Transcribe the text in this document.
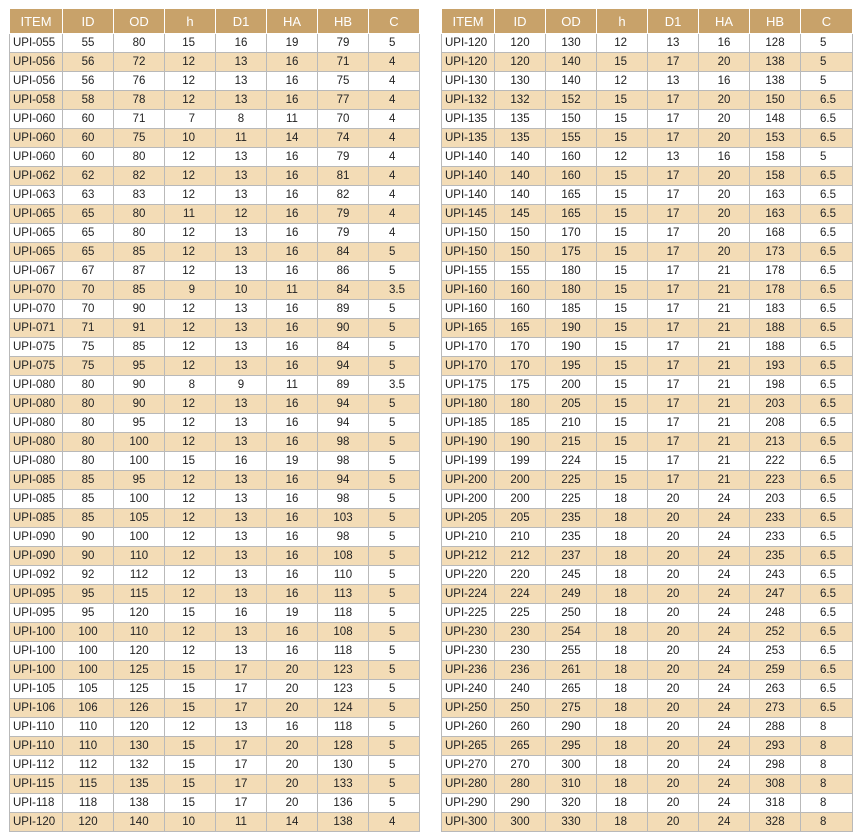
ITEM	ID	OD	h	D1	HA	HB	C
UPI-055	55	80	15	16	19	79	5
UPI-056	56	72	12	13	16	71	4
UPI-056	56	76	12	13	16	75	4
UPI-058	58	78	12	13	16	77	4
UPI-060	60	71	7	8	11	70	4
UPI-060	60	75	10	11	14	74	4
UPI-060	60	80	12	13	16	79	4
UPI-062	62	82	12	13	16	81	4
UPI-063	63	83	12	13	16	82	4
UPI-065	65	80	11	12	16	79	4
UPI-065	65	80	12	13	16	79	4
UPI-065	65	85	12	13	16	84	5
UPI-067	67	87	12	13	16	86	5
UPI-070	70	85	9	10	11	84	3.5
UPI-070	70	90	12	13	16	89	5
UPI-071	71	91	12	13	16	90	5
UPI-075	75	85	12	13	16	84	5
UPI-075	75	95	12	13	16	94	5
UPI-080	80	90	8	9	11	89	3.5
UPI-080	80	90	12	13	16	94	5
UPI-080	80	95	12	13	16	94	5
UPI-080	80	100	12	13	16	98	5
UPI-080	80	100	15	16	19	98	5
UPI-085	85	95	12	13	16	94	5
UPI-085	85	100	12	13	16	98	5
UPI-085	85	105	12	13	16	103	5
UPI-090	90	100	12	13	16	98	5
UPI-090	90	110	12	13	16	108	5
UPI-092	92	112	12	13	16	110	5
UPI-095	95	115	12	13	16	113	5
UPI-095	95	120	15	16	19	118	5
UPI-100	100	110	12	13	16	108	5
UPI-100	100	120	12	13	16	118	5
UPI-100	100	125	15	17	20	123	5
UPI-105	105	125	15	17	20	123	5
UPI-106	106	126	15	17	20	124	5
UPI-110	110	120	12	13	16	118	5
UPI-110	110	130	15	17	20	128	5
UPI-112	112	132	15	17	20	130	5
UPI-115	115	135	15	17	20	133	5
UPI-118	118	138	15	17	20	136	5
UPI-120	120	140	10	11	14	138	4
ITEM	ID	OD	h	D1	HA	HB	C
UPI-120	120	130	12	13	16	128	5
UPI-120	120	140	15	17	20	138	5
UPI-130	130	140	12	13	16	138	5
UPI-132	132	152	15	17	20	150	6.5
UPI-135	135	150	15	17	20	148	6.5
UPI-135	135	155	15	17	20	153	6.5
UPI-140	140	160	12	13	16	158	5
UPI-140	140	160	15	17	20	158	6.5
UPI-140	140	165	15	17	20	163	6.5
UPI-145	145	165	15	17	20	163	6.5
UPI-150	150	170	15	17	20	168	6.5
UPI-150	150	175	15	17	20	173	6.5
UPI-155	155	180	15	17	21	178	6.5
UPI-160	160	180	15	17	21	178	6.5
UPI-160	160	185	15	17	21	183	6.5
UPI-165	165	190	15	17	21	188	6.5
UPI-170	170	190	15	17	21	188	6.5
UPI-170	170	195	15	17	21	193	6.5
UPI-175	175	200	15	17	21	198	6.5
UPI-180	180	205	15	17	21	203	6.5
UPI-185	185	210	15	17	21	208	6.5
UPI-190	190	215	15	17	21	213	6.5
UPI-199	199	224	15	17	21	222	6.5
UPI-200	200	225	15	17	21	223	6.5
UPI-200	200	225	18	20	24	203	6.5
UPI-205	205	235	18	20	24	233	6.5
UPI-210	210	235	18	20	24	233	6.5
UPI-212	212	237	18	20	24	235	6.5
UPI-220	220	245	18	20	24	243	6.5
UPI-224	224	249	18	20	24	247	6.5
UPI-225	225	250	18	20	24	248	6.5
UPI-230	230	254	18	20	24	252	6.5
UPI-230	230	255	18	20	24	253	6.5
UPI-236	236	261	18	20	24	259	6.5
UPI-240	240	265	18	20	24	263	6.5
UPI-250	250	275	18	20	24	273	6.5
UPI-260	260	290	18	20	24	288	8
UPI-265	265	295	18	20	24	293	8
UPI-270	270	300	18	20	24	298	8
UPI-280	280	310	18	20	24	308	8
UPI-290	290	320	18	20	24	318	8
UPI-300	300	330	18	20	24	328	8
